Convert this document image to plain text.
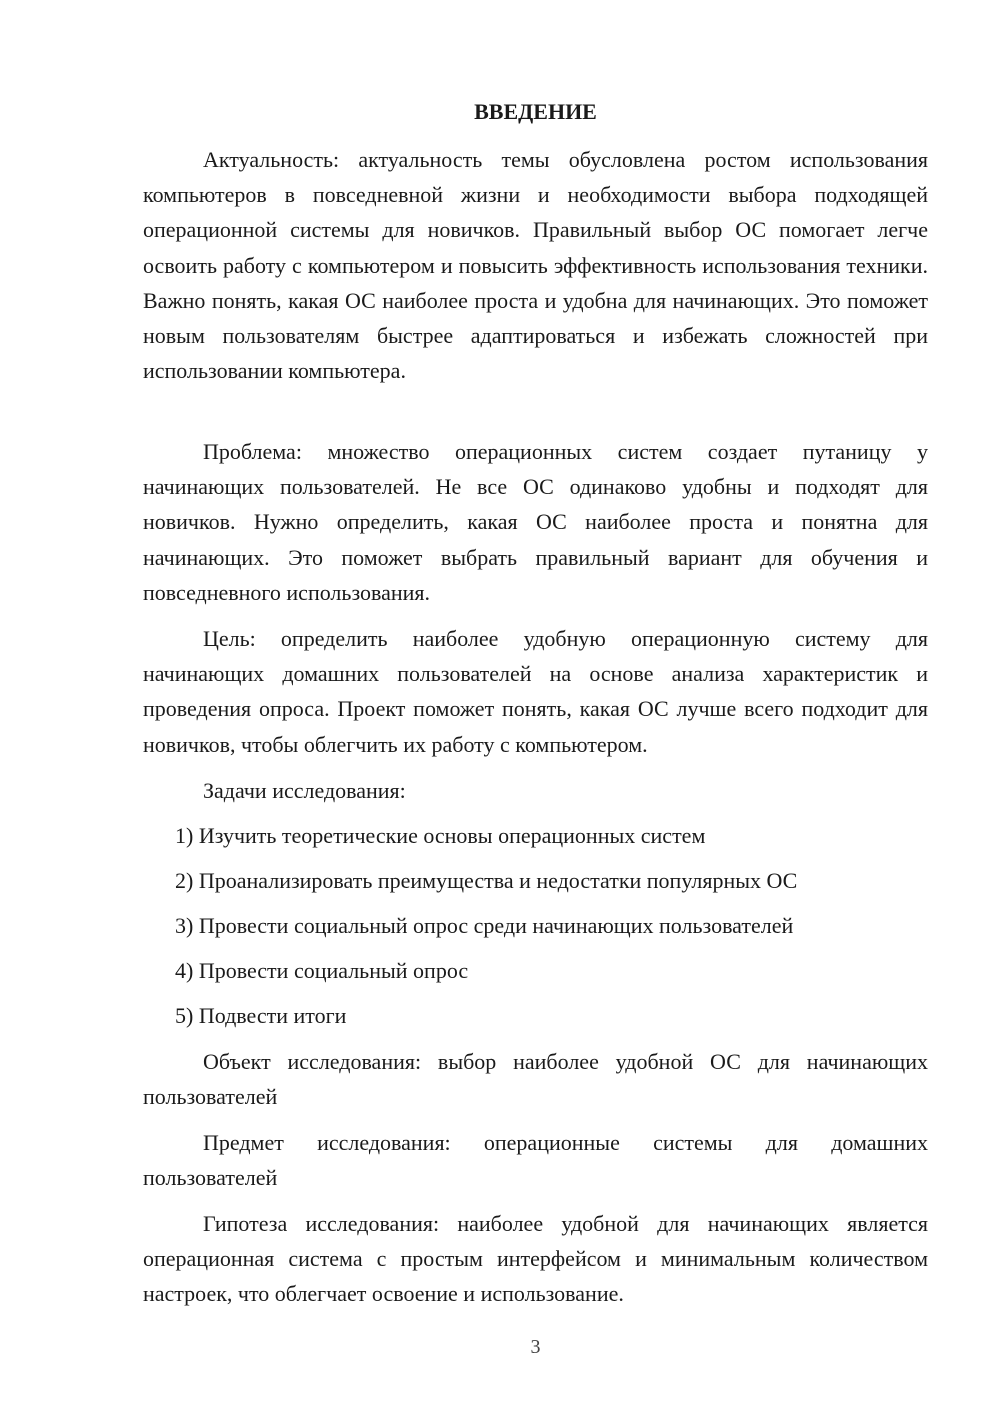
ВВЕДЕНИЕ

Актуальность: актуальность темы обусловлена ростом использования компьютеров в повседневной жизни и необходимости выбора подходящей операционной системы для новичков. Правильный выбор ОС помогает легче освоить работу с компьютером и повысить эффективность использования техники. Важно понять, какая ОС наиболее проста и удобна для начинающих. Это поможет новым пользователям быстрее адаптироваться и избежать сложностей при использовании компьютера.

Проблема: множество операционных систем создает путаницу у начинающих пользователей. Не все ОС одинаково удобны и подходят для новичков. Нужно определить, какая ОС наиболее проста и понятна для начинающих. Это поможет выбрать правильный вариант для обучения и повседневного использования.

Цель: определить наиболее удобную операционную систему для начинающих домашних пользователей на основе анализа характеристик и проведения опроса. Проект поможет понять, какая ОС лучше всего подходит для новичков, чтобы облегчить их работу с компьютером.

Задачи исследования:

1) Изучить теоретические основы операционных систем

2) Проанализировать преимущества и недостатки популярных ОС

3) Провести социальный опрос среди начинающих пользователей

4) Провести социальный опрос

5) Подвести итоги

Объект исследования: выбор наиболее удобной ОС для начинающих пользователей

Предмет исследования: операционные системы для домашних пользователей

Гипотеза исследования: наиболее удобной для начинающих является операционная система с простым интерфейсом и минимальным количеством настроек, что облегчает освоение и использование.

3
